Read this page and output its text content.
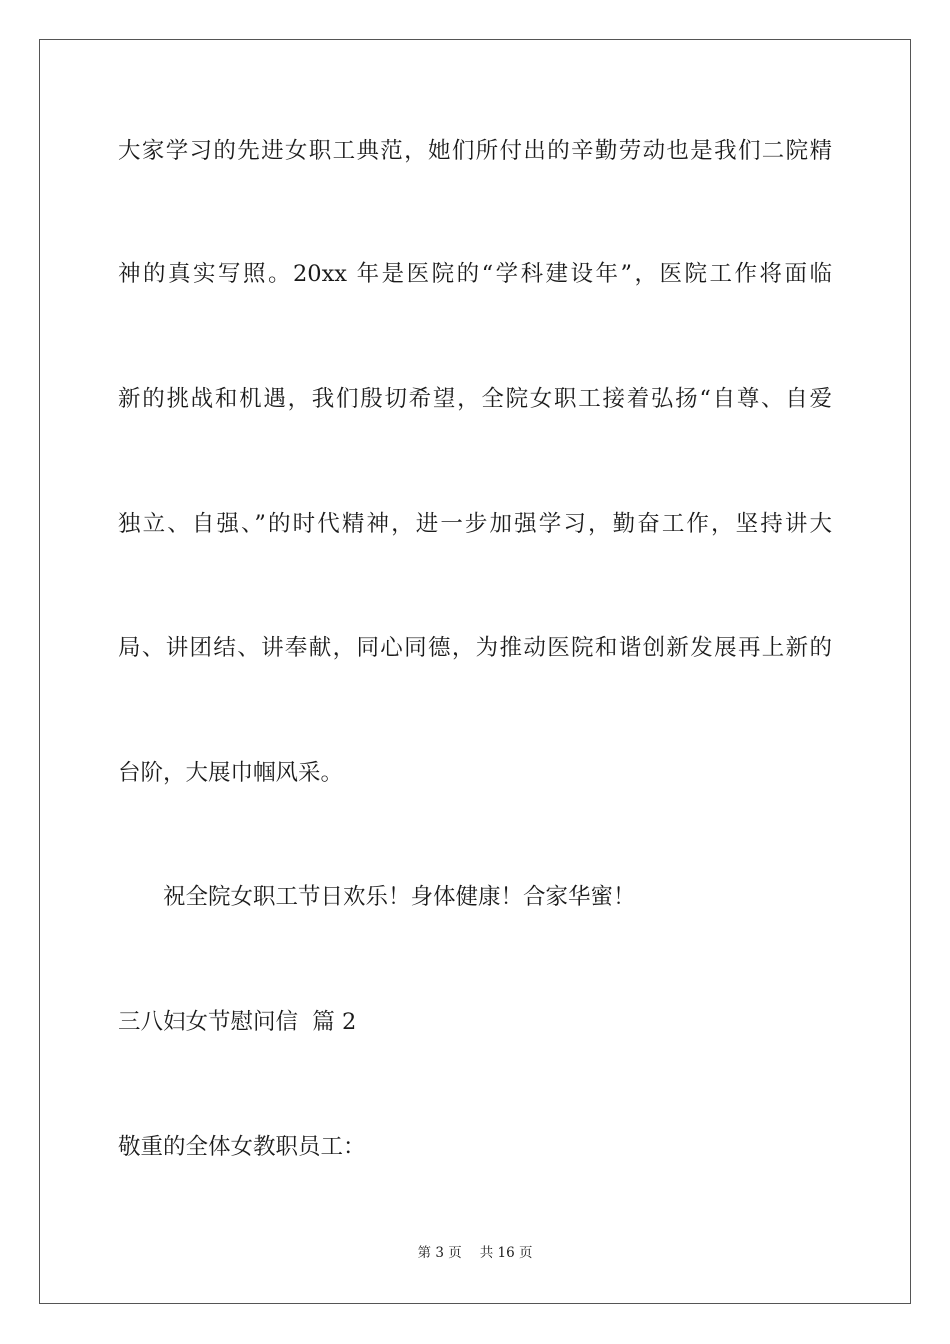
大家学习的先进女职工典范，她们所付出的辛勤劳动也是我们二院精
神的真实写照。20xx 年是医院的“学科建设年”，医院工作将面临
新的挑战和机遇，我们殷切希望，全院女职工接着弘扬“自尊、自爱
独立、自强、”的时代精神，进一步加强学习，勤奋工作，坚持讲大
局、讲团结、讲奉献，同心同德，为推动医院和谐创新发展再上新的
台阶，大展巾帼风采。
祝全院女职工节日欢乐！身体健康！合家华蜜！
三八妇女节慰问信  篇 2
敬重的全体女教职员工：
第 3 页 共 16 页
